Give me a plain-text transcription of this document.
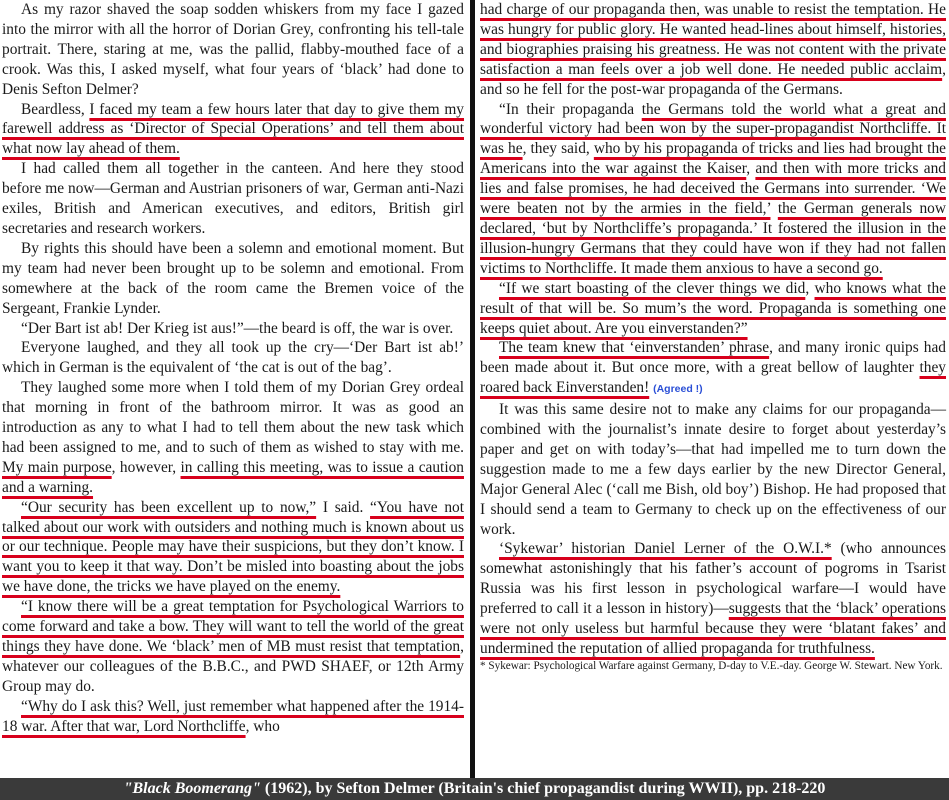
As my razor shaved the soap sodden whiskers from my face I gazed into the mirror with all the horror of Dorian Grey, confronting his tell-tale portrait. There, staring at me, was the pallid, flabby-mouthed face of a crook. Was this, I asked myself, what four years of ‘black’ had done to Denis Sefton Delmer?

Beardless, I faced my team a few hours later that day to give them my farewell address as ‘Director of Special Operations’ and tell them about what now lay ahead of them.

I had called them all together in the canteen. And here they stood before me now—German and Austrian prisoners of war, German anti-Nazi exiles, British and American executives, and editors, British girl secretaries and research workers.

By rights this should have been a solemn and emotional moment. But my team had never been brought up to be solemn and emotional. From somewhere at the back of the room came the Bremen voice of the Sergeant, Frankie Lynder.

“Der Bart ist ab! Der Krieg ist aus!”—the beard is off, the war is over.

Everyone laughed, and they all took up the cry—‘Der Bart ist ab!’ which in German is the equivalent of ‘the cat is out of the bag’.

They laughed some more when I told them of my Dorian Grey ordeal that morning in front of the bathroom mirror. It was as good an introduction as any to what I had to tell them about the new task which had been assigned to me, and to such of them as wished to stay with me. My main purpose, however, in calling this meeting, was to issue a caution and a warning.

“Our security has been excellent up to now,” I said. “You have not talked about our work with outsiders and nothing much is known about us or our technique. People may have their suspicions, but they don’t know. I want you to keep it that way. Don’t be misled into boasting about the jobs we have done, the tricks we have played on the enemy.

“I know there will be a great temptation for Psychological Warriors to come forward and take a bow. They will want to tell the world of the great things they have done. We ‘black’ men of MB must resist that temptation, whatever our colleagues of the B.B.C., and PWD SHAEF, or 12th Army Group may do.

“Why do I ask this? Well, just remember what happened after the 1914-18 war. After that war, Lord Northcliffe, who

had charge of our propaganda then, was unable to resist the temptation. He was hungry for public glory. He wanted head-lines about himself, histories, and biographies praising his greatness. He was not content with the private satisfaction a man feels over a job well done. He needed public acclaim, and so he fell for the post-war propaganda of the Germans.

“In their propaganda the Germans told the world what a great and wonderful victory had been won by the super-propagandist Northcliffe. It was he, they said, who by his propaganda of tricks and lies had brought the Americans into the war against the Kaiser, and then with more tricks and lies and false promises, he had deceived the Germans into surrender. ‘We were beaten not by the armies in the field,’ the German generals now declared, ‘but by Northcliffe’s propaganda.’ It fostered the illusion in the illusion-hungry Germans that they could have won if they had not fallen victims to Northcliffe. It made them anxious to have a second go.

“If we start boasting of the clever things we did, who knows what the result of that will be. So mum’s the word. Propaganda is something one keeps quiet about. Are you einverstanden?”

The team knew that ‘einverstanden’ phrase, and many ironic quips had been made about it. But once more, with a great bellow of laughter they roared back Einverstanden! (Agreed !)

It was this same desire not to make any claims for our propaganda—combined with the journalist’s innate desire to forget about yesterday’s paper and get on with today’s—that had impelled me to turn down the suggestion made to me a few days earlier by the new Director General, Major General Alec (‘call me Bish, old boy’) Bishop. He had proposed that I should send a team to Germany to check up on the effectiveness of our work.

‘Sykewar’ historian Daniel Lerner of the O.W.I.* (who announces somewhat astonishingly that his father’s account of pogroms in Tsarist Russia was his first lesson in psychological warfare—I would have preferred to call it a lesson in history)—suggests that the ‘black’ operations were not only useless but harmful because they were ‘blatant fakes’ and undermined the reputation of allied propaganda for truthfulness.

* Sykewar: Psychological Warfare against Germany, D-day to V.E.-day. George W. Stewart. New York.

"Black Boomerang" (1962), by Sefton Delmer (Britain's chief propagandist during WWII), pp. 218-220
